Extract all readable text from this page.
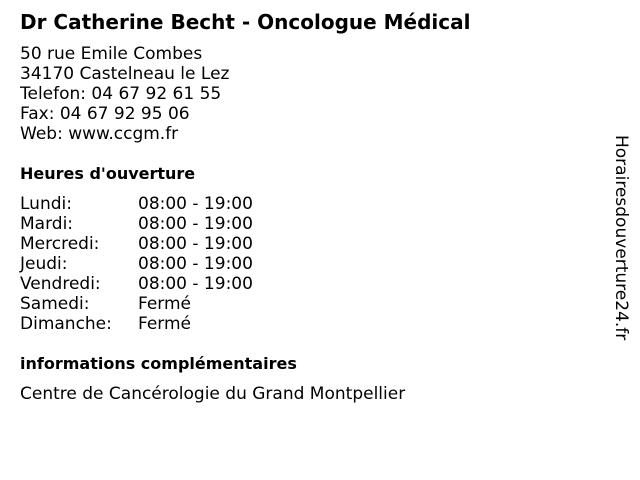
Dr Catherine Becht - Oncologue Médical
50 rue Emile Combes
34170 Castelneau le Lez
Telefon: 04 67 92 61 55
Fax: 04 67 92 95 06
Web: www.ccgm.fr
Heures d'ouverture
Lundi:	08:00 - 19:00
Mardi:	08:00 - 19:00
Mercredi: 08:00 - 19:00
Jeudi:	08:00 - 19:00
Vendredi: 08:00 - 19:00
Samedi:	Fermé
Dimanche: Fermé
informations complémentaires
Centre de Cancérologie du Grand Montpellier
Horairesdouverture24.fr
